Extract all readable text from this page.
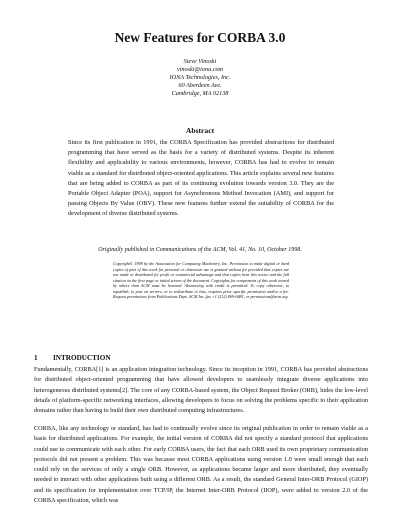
New Features for CORBA 3.0
Steve Vinoski
vinoski@iona.com
IONA Technologies, Inc.
60 Aberdeen Ave.
Cambridge, MA 02138
Abstract

Since its first publication in 1991, the CORBA Specification has provided abstractions for distributed programming that have served as the basis for a variety of distributed systems. Despite its inherent flexibility and applicability to various environments, however, CORBA has had to evolve to remain viable as a standard for distributed object-oriented applications. This article explains several new features that are being added to CORBA as part of its continuing evolution towards version 3.0. They are the Portable Object Adapter (POA), support for Asynchronous Method Invocation (AMI), and support for passing Objects By Value (OBV). These new features further extend the suitability of CORBA for the development of diverse distributed systems.

Originally published in Communications of the ACM, Vol. 41, No. 10, October 1998.

Copyright© 1998 by the Association for Computing Machinery, Inc. Permission to make digital or hard copies of part of this work for personal or classroom use is granted without fee provided that copies are not made or distributed for profit or commercial advantage and that copies bear this notice and the full citation on the first page or initial screen of the document. Copyrights for components of this work owned by others than ACM must be honored. Abstracting with credit is permitted. To copy otherwise, to republish, to post on servers, or to redistribute to lists, requires prior specific permission and/or a fee. Request permissions from Publications Dept, ACM Inc.,fax +1 (212) 869-0481, or permissions@acm.org.

1 INTRODUCTION

Fundamentally, CORBA[1] is an application integration technology. Since its inception in 1991, CORBA has provided abstractions for distributed object-oriented programming that have allowed developers to seamlessly integrate diverse applications into heterogeneous distributed systems[2]. The core of any CORBA-based system, the Object Request Broker (ORB), hides the low-level details of platform-specific networking interfaces, allowing developers to focus on solving the problems specific to their application domains rather than having to build their own distributed computing infrastructures.

CORBA, like any technology or standard, has had to continually evolve since its original publication in order to remain viable as a basis for distributed applications. For example, the initial version of CORBA did not specify a standard protocol that applications could use to communicate with each other. For early CORBA users, the fact that each ORB used its own proprietary communication protocols did not present a problem. This was because most CORBA applications using version 1.0 were small enough that each could rely on the services of only a single ORB. However, as applications became larger and more distributed, they eventually needed to interact with other applications built using a different ORB. As a result, the standard General Inter-ORB Protocol (GIOP) and its specification for implementation over TCP/IP, the Internet Inter-ORB Protocol (IIOP), were added to version 2.0 of the CORBA specification, which was
